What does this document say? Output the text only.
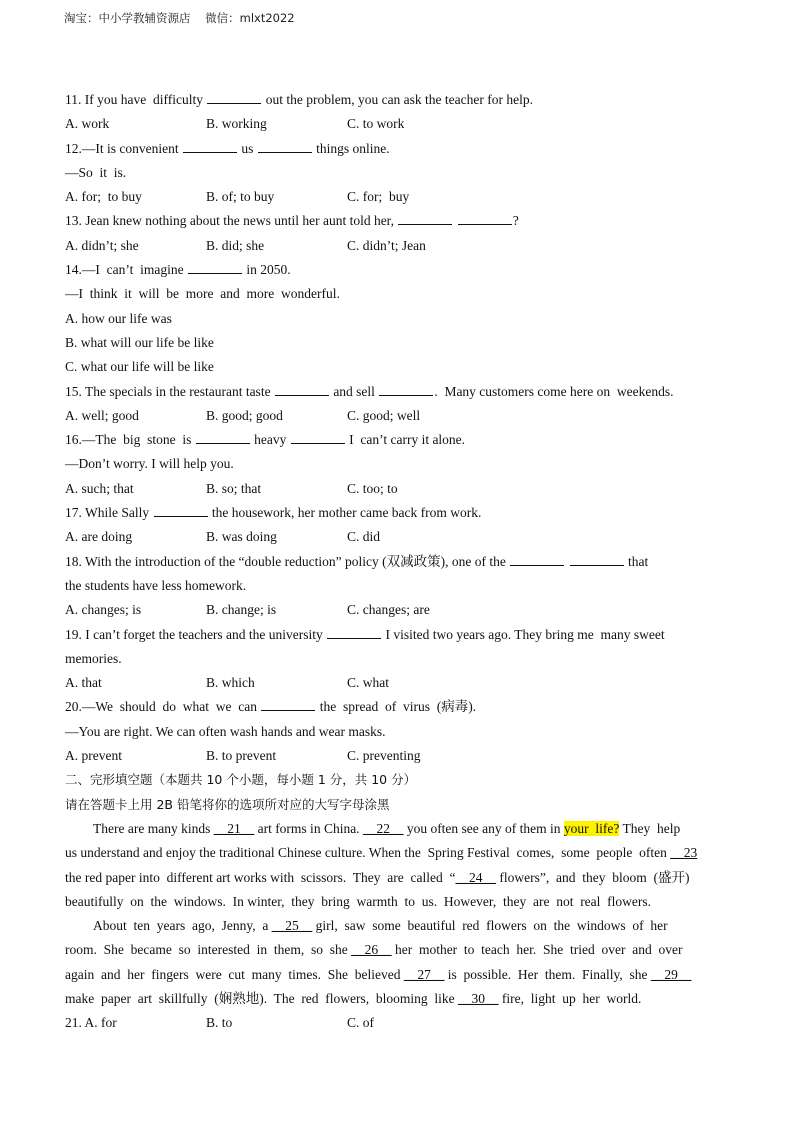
淘宝：中小学教辅资源店    微信：mlxt2022
11. If you have  difficulty	out the problem, you can ask the teacher for help.
A. work	B. working	C. to work
12.—It is convenient	us	things online.
—So  it  is.
A. for;  to buy	B. of; to buy	C. for;  buy
13. Jean knew nothing about the news until her aunt told her,	?
A. didn’t; she	B. did; she	C. didn’t; Jean
14.—I  can’t  imagine	in 2050.
—I  think  it  will  be  more  and  more  wonderful.
A. how our life was
B. what will our life be like
C. what our life will be like
15. The specials in the restaurant taste	and sell	.  Many customers come here on  weekends.
A. well; good	B. good; good	C. good; well
16.—The  big  stone  is	heavy	I  can’t carry it alone.
—Don’t worry. I will help you.
A. such; that	B. so; that	C. too; to
17. While Sally	the housework, her mother came back from work.
A. are doing	B. was doing	C. did
18. With the introduction of the “double reduction” policy (双减政策), one of the	that
the students have less homework.
A. changes; is	B. change; is	C. changes; are
19. I can’t forget the teachers and the university	I visited two years ago. They bring me  many sweet
memories.
A. that	B. which	C. what
20.—We  should  do  what  we  can	the  spread  of  virus  (病毒).
—You are right. We can often wash hands and wear masks.
A. prevent	B. to prevent	C. preventing
二、完形填空题（本题共 10 个小题，每小题 1 分，共 10 分）
请在答题卡上用 2B 铅笔将你的选项所对应的大写字母涂黑
There are many kinds __21__ art forms in China. __22__ you often see any of them in your  life? They  help
us understand and enjoy the traditional Chinese culture. When the  Spring Festival  comes,  some  people  often __23
the red paper into  different art works with  scissors.  They  are  called  “__24__ flowers”,  and  they  bloom  (盛开)
beautifully  on  the  windows.  In winter,  they  bring  warmth  to  us.  However,  they  are  not  real  flowers.
About  ten  years  ago,  Jenny,  a __25__ girl,  saw  some  beautiful  red  flowers  on  the  windows  of  her
room.  She  became  so  interested  in  them,  so  she __26__ her  mother  to  teach  her.  She  tried  over  and  over
again  and  her  fingers  were  cut  many  times.  She  believed __27__ is  possible.  Her  them.  Finally,  she __29__
make  paper  art  skillfully  (娴熟地).  The  red  flowers,  blooming  like __30__ fire,  light  up  her  world.
21. A. for	B. to	C. of
